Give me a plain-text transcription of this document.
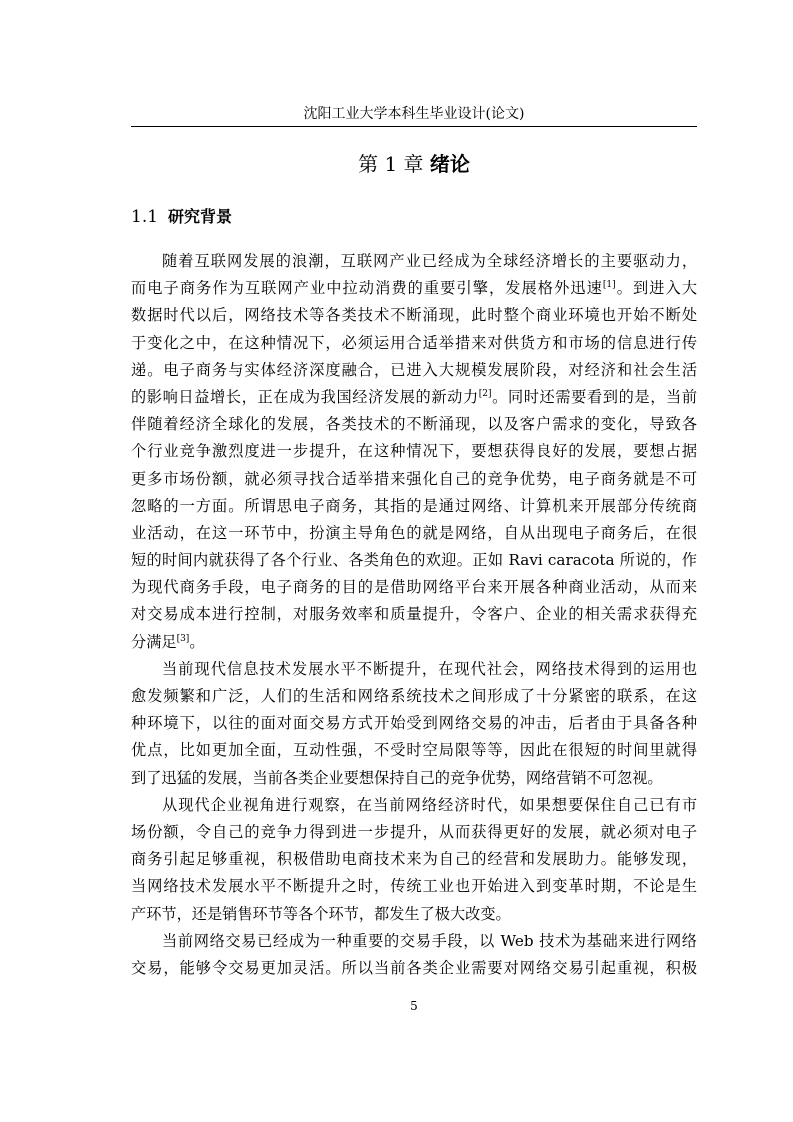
沈阳工业大学本科生毕业设计(论文)
第 1 章 绪论
1.1 研究背景
随着互联网发展的浪潮，互联网产业已经成为全球经济增长的主要驱动力，
而电子商务作为互联网产业中拉动消费的重要引擎，发展格外迅速[1]。到进入大
数据时代以后，网络技术等各类技术不断涌现，此时整个商业环境也开始不断处
于变化之中，在这种情况下，必须运用合适举措来对供货方和市场的信息进行传
递。电子商务与实体经济深度融合，已进入大规模发展阶段，对经济和社会生活
的影响日益增长，正在成为我国经济发展的新动力[2]。同时还需要看到的是，当前
伴随着经济全球化的发展，各类技术的不断涌现，以及客户需求的变化，导致各
个行业竞争激烈度进一步提升，在这种情况下，要想获得良好的发展，要想占据
更多市场份额，就必须寻找合适举措来强化自己的竞争优势，电子商务就是不可
忽略的一方面。所谓思电子商务，其指的是通过网络、计算机来开展部分传统商
业活动，在这一环节中，扮演主导角色的就是网络，自从出现电子商务后，在很
短的时间内就获得了各个行业、各类角色的欢迎。正如 Ravi caracota 所说的，作
为现代商务手段，电子商务的目的是借助网络平台来开展各种商业活动，从而来
对交易成本进行控制，对服务效率和质量提升，令客户、企业的相关需求获得充
分满足[3]。
当前现代信息技术发展水平不断提升，在现代社会，网络技术得到的运用也
愈发频繁和广泛，人们的生活和网络系统技术之间形成了十分紧密的联系，在这
种环境下，以往的面对面交易方式开始受到网络交易的冲击，后者由于具备各种
优点，比如更加全面，互动性强，不受时空局限等等，因此在很短的时间里就得
到了迅猛的发展，当前各类企业要想保持自己的竞争优势，网络营销不可忽视。
从现代企业视角进行观察，在当前网络经济时代，如果想要保住自己已有市
场份额，令自己的竞争力得到进一步提升，从而获得更好的发展，就必须对电子
商务引起足够重视，积极借助电商技术来为自己的经营和发展助力。能够发现，
当网络技术发展水平不断提升之时，传统工业也开始进入到变革时期，不论是生
产环节，还是销售环节等各个环节，都发生了极大改变。
当前网络交易已经成为一种重要的交易手段，以 Web 技术为基础来进行网络
交易，能够令交易更加灵活。所以当前各类企业需要对网络交易引起重视，积极
5
